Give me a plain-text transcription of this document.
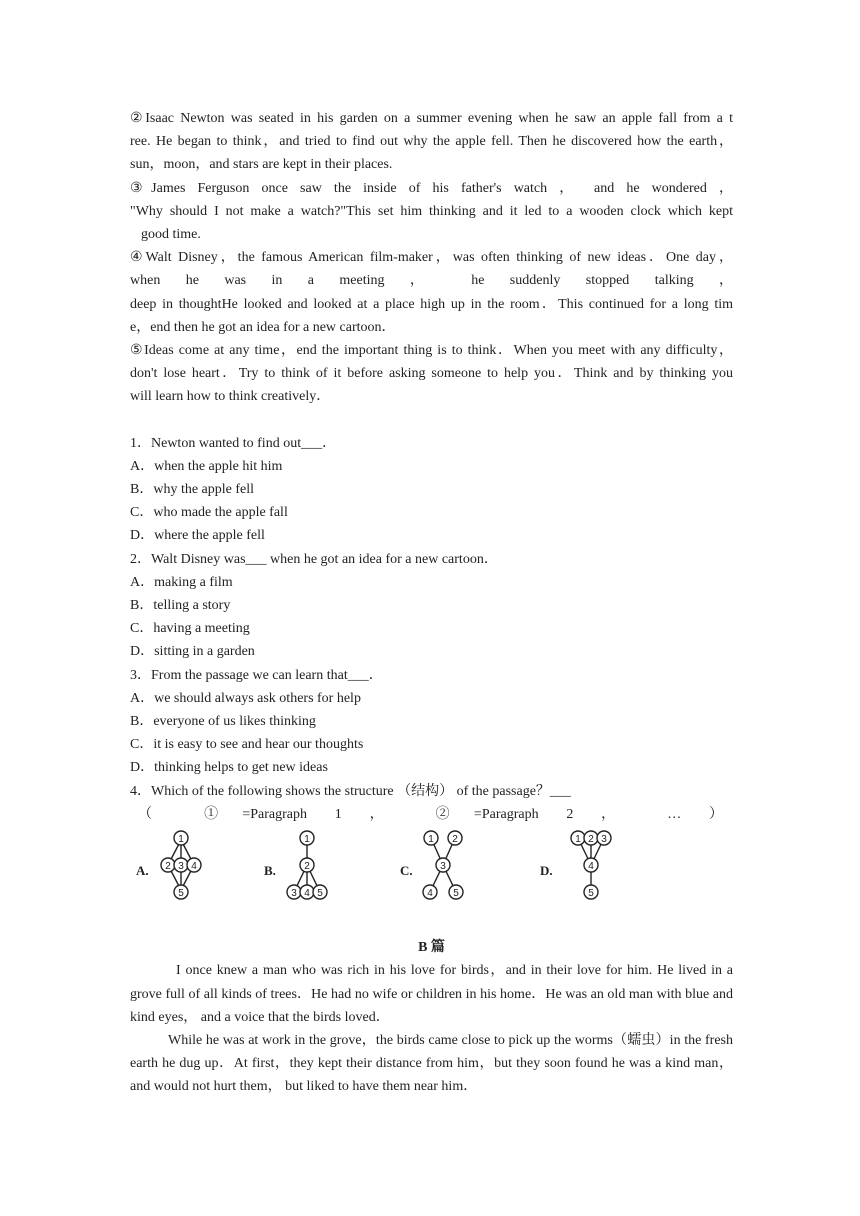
②Isaac Newton was seated in his garden on a summer evening when he saw an apple fall from a t
ree. He began to think，and tried to find out why the apple fell. Then he discovered how the earth，
sun，moon，and stars are kept in their places.
③James Ferguson once saw the inside of his father's watch ， and he wondered ，
"Why should I not make a watch?"This set him thinking and it led to a wooden clock which kept
good time.
④Walt Disney，the famous American film-maker，was often thinking of new ideas．One day，
when he was in a meeting ， he suddenly stopped talking ，
deep in thoughtHe looked and looked at a place high up in the room．This continued for a long tim
e，end then he got an idea for a new cartoon．
⑤Ideas come at any time，end the important thing is to think．When you meet with any difficulty，
don't lose heart．Try to think of it before asking someone to help you．Think and by thinking you
will learn how to think creatively．
1．Newton wanted to find out___．
A．when the apple hit him
B．why the apple fell
C．who made the apple fall
D．where the apple fell
2．Walt Disney was___ when he got an idea for a new cartoon．
A．making a film
B．telling a story
C．having a meeting
D．sitting in a garden
3．From the passage we can learn that___．
A．we should always ask others for help
B．everyone of us likes thinking
C．it is easy to see and hear our thoughts
D．thinking helps to get new ideas
4．Which of the following shows the structure （结构） of the passage？___
（ ①=Paragraph 1 ， ②=Paragraph 2 ， … ）
A.
1
2 3 4
5
B.
1
2
3 4 5
C.
1 2
3
4 5
D.
1 2 3
4
5
B 篇
I once knew a man who was rich in his love for birds，and in their love for him. He lived in a grove full of all kinds of trees．He had no wife or children in his home．He was an old man with blue and kind eyes， and a voice that the birds loved．
While he was at work in the grove，the birds came close to pick up the worms（蠕虫）in the fresh earth he dug up．At first，they kept their distance from him，but they soon found he was a kind man， and would not hurt them， but liked to have them near him．
